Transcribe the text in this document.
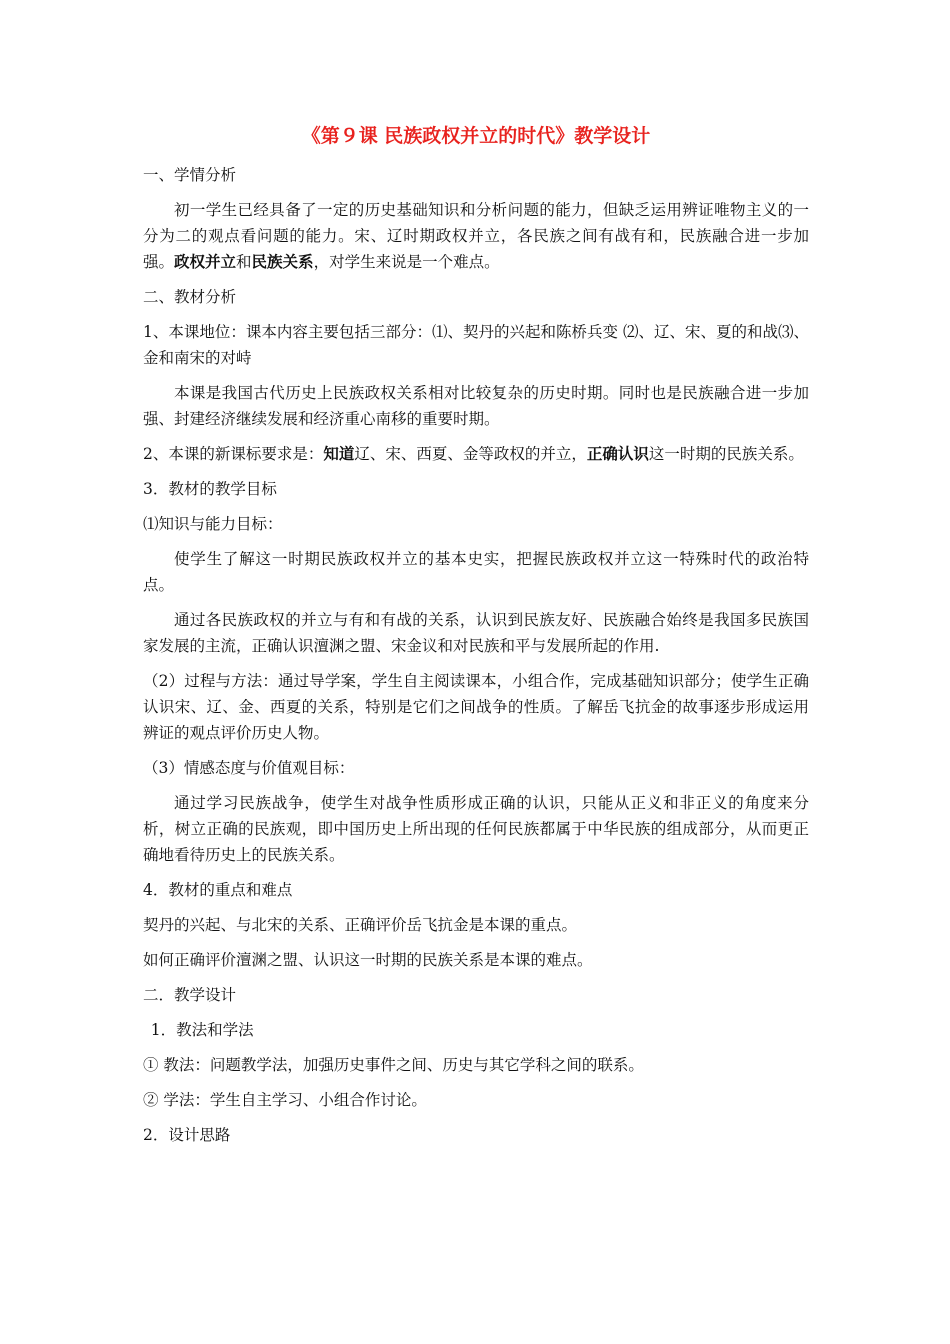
《第９课 民族政权并立的时代》教学设计

一、学情分析

初一学生已经具备了一定的历史基础知识和分析问题的能力，但缺乏运用辨证唯物主义的一分为二的观点看问题的能力。宋、辽时期政权并立，各民族之间有战有和，民族融合进一步加强。政权并立和民族关系，对学生来说是一个难点。

二、教材分析

1、本课地位：课本内容主要包括三部分：⑴、契丹的兴起和陈桥兵变 ⑵、辽、宋、夏的和战⑶、金和南宋的对峙

本课是我国古代历史上民族政权关系相对比较复杂的历史时期。同时也是民族融合进一步加强、封建经济继续发展和经济重心南移的重要时期。

2、本课的新课标要求是：知道辽、宋、西夏、金等政权的并立，正确认识这一时期的民族关系。

3．教材的教学目标

⑴知识与能力目标：

使学生了解这一时期民族政权并立的基本史实，把握民族政权并立这一特殊时代的政治特点。

通过各民族政权的并立与有和有战的关系，认识到民族友好、民族融合始终是我国多民族国家发展的主流，正确认识澶渊之盟、宋金议和对民族和平与发展所起的作用.

（2）过程与方法：通过导学案，学生自主阅读课本，小组合作，完成基础知识部分；使学生正确认识宋、辽、金、西夏的关系，特别是它们之间战争的性质。了解岳飞抗金的故事逐步形成运用辨证的观点评价历史人物。

（3）情感态度与价值观目标：

通过学习民族战争，使学生对战争性质形成正确的认识，只能从正义和非正义的角度来分析，树立正确的民族观，即中国历史上所出现的任何民族都属于中华民族的组成部分，从而更正确地看待历史上的民族关系。

4．教材的重点和难点

契丹的兴起、与北宋的关系、正确评价岳飞抗金是本课的重点。

如何正确评价澶渊之盟、认识这一时期的民族关系是本课的难点。

二．教学设计

1．教法和学法

① 教法：问题教学法，加强历史事件之间、历史与其它学科之间的联系。

② 学法：学生自主学习、小组合作讨论。

2．设计思路
